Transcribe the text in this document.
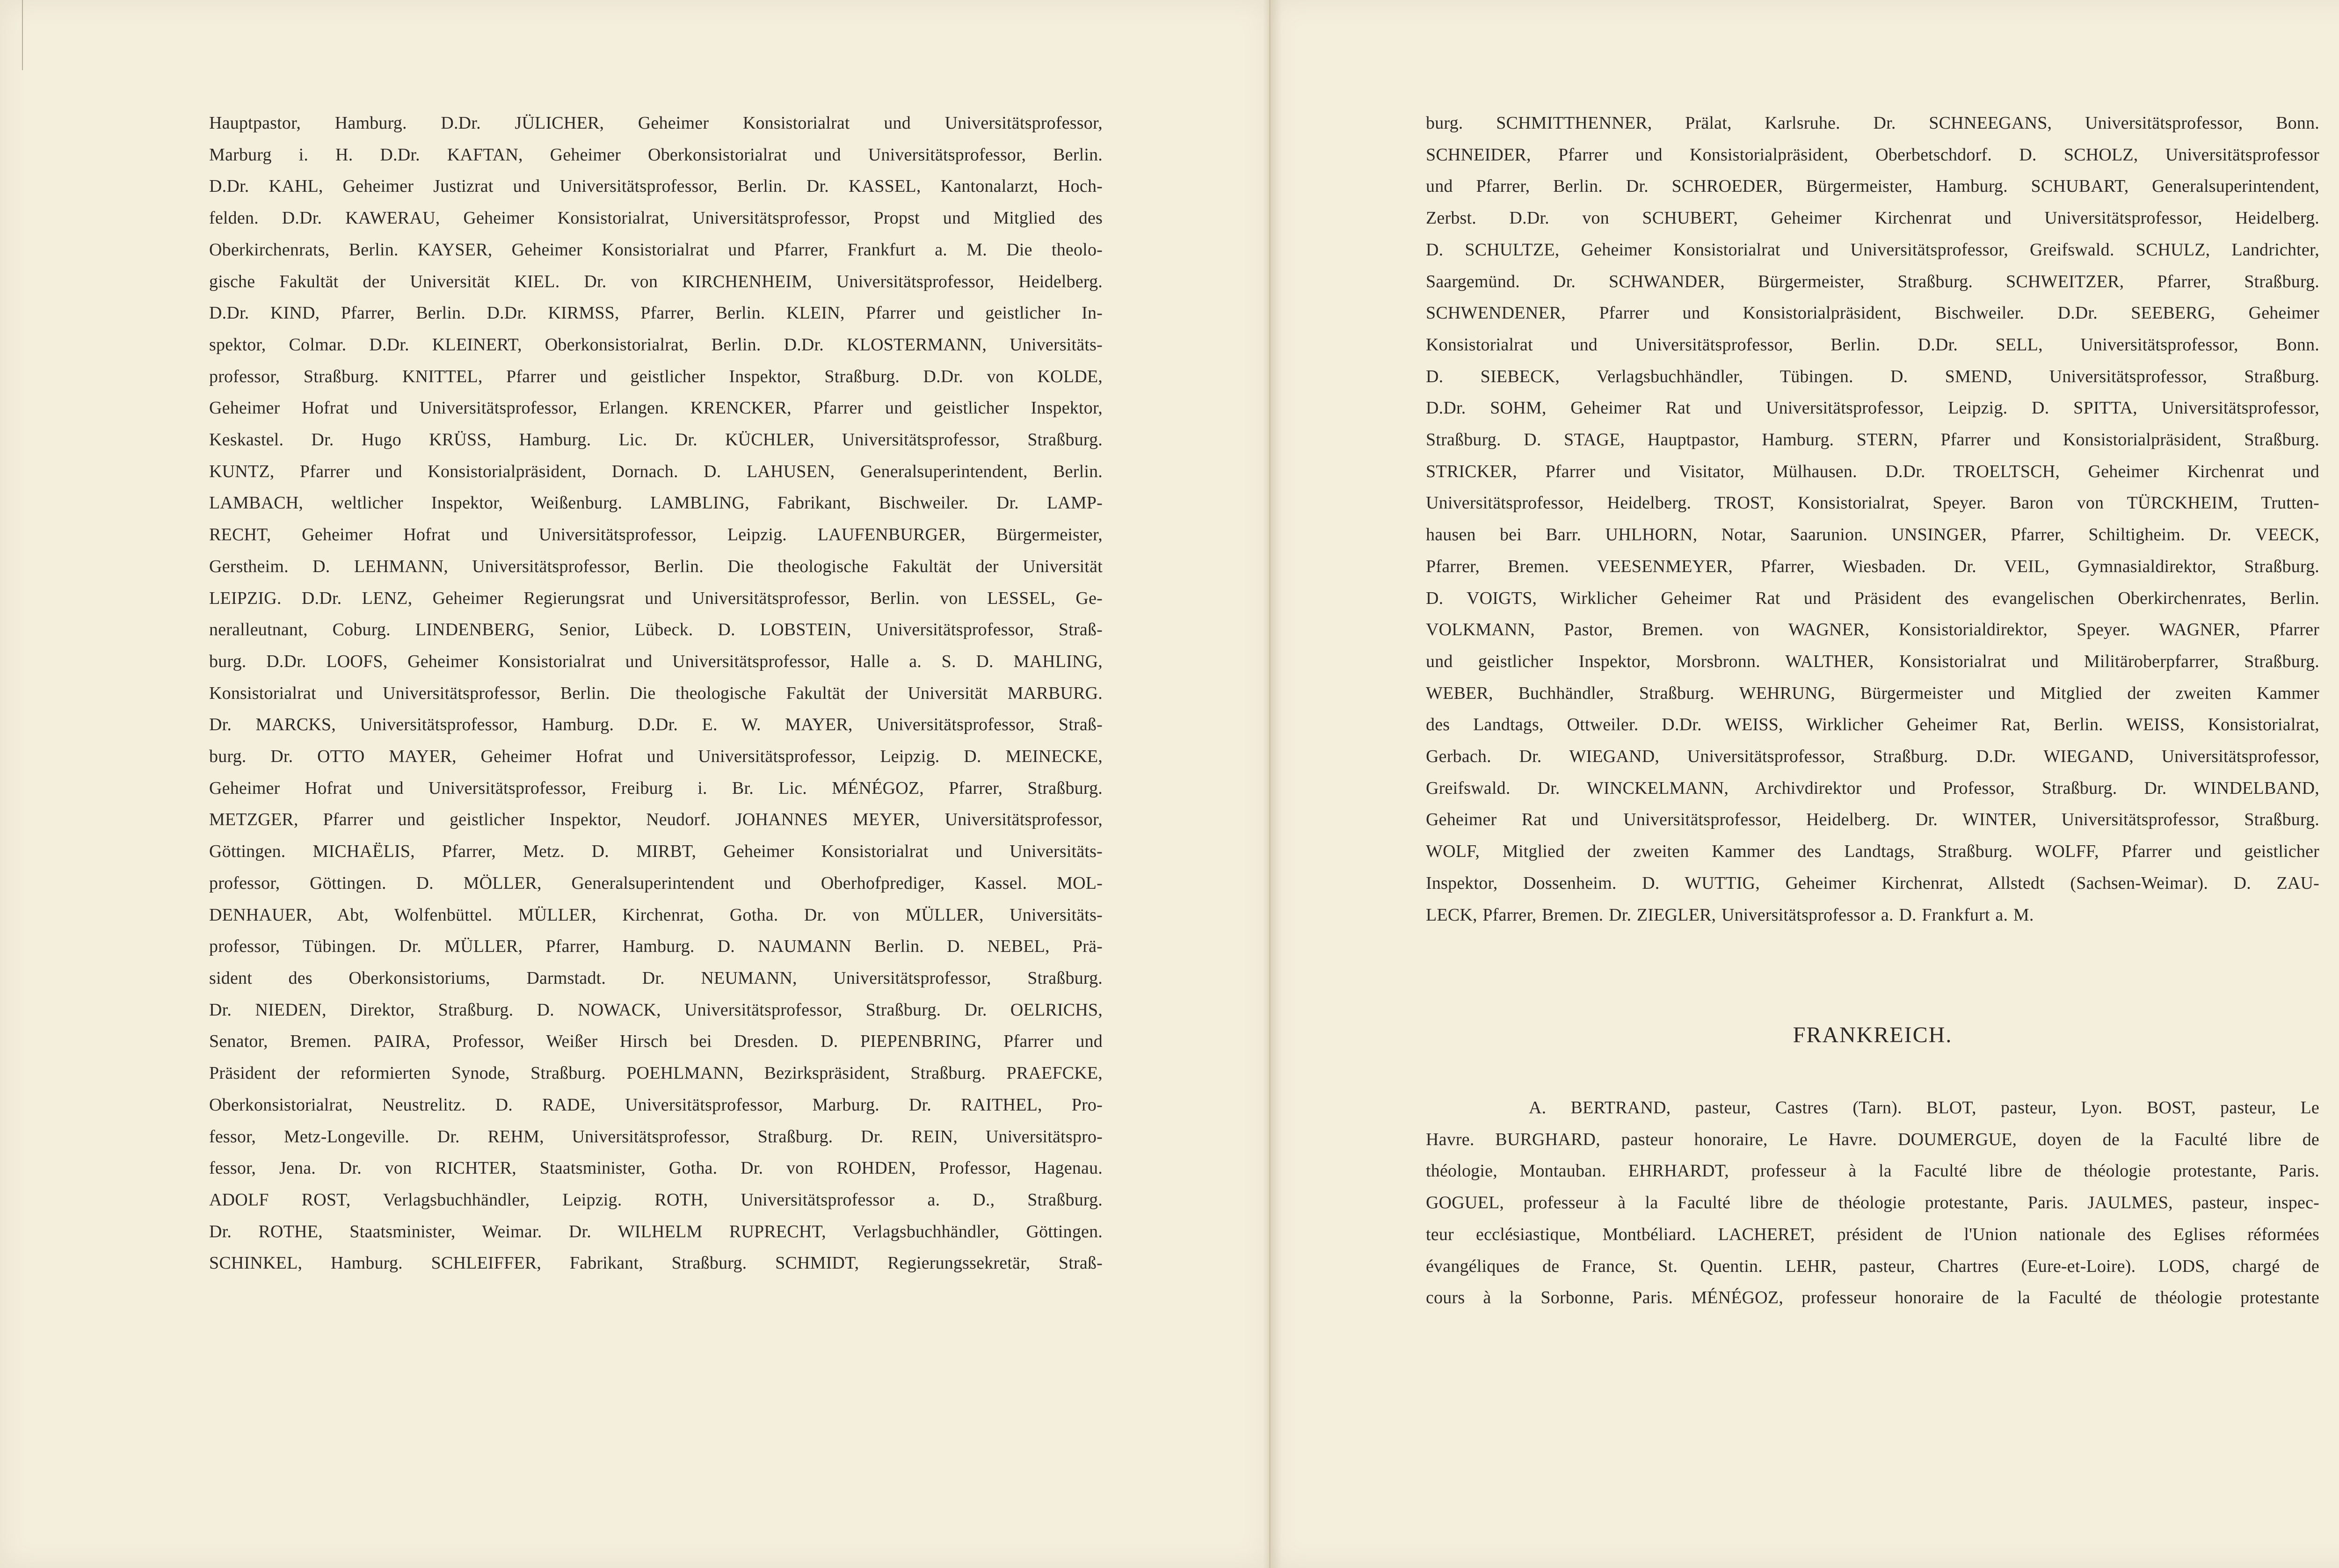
Hauptpastor, Hamburg. D.Dr. JÜLICHER, Geheimer Konsistorialrat und Universitätsprofessor,

Marburg i. H. D.Dr. KAFTAN, Geheimer Oberkonsistorialrat und Universitätsprofessor, Berlin.

D.Dr. KAHL, Geheimer Justizrat und Universitätsprofessor, Berlin. Dr. KASSEL, Kantonalarzt, Hoch-

felden. D.Dr. KAWERAU, Geheimer Konsistorialrat, Universitätsprofessor, Propst und Mitglied des

Oberkirchenrats, Berlin. KAYSER, Geheimer Konsistorialrat und Pfarrer, Frankfurt a. M. Die theolo-

gische Fakultät der Universität KIEL. Dr. von KIRCHENHEIM, Universitätsprofessor, Heidelberg.

D.Dr. KIND, Pfarrer, Berlin. D.Dr. KIRMSS, Pfarrer, Berlin. KLEIN, Pfarrer und geistlicher In-

spektor, Colmar. D.Dr. KLEINERT, Oberkonsistorialrat, Berlin. D.Dr. KLOSTERMANN, Universitäts-

professor, Straßburg. KNITTEL, Pfarrer und geistlicher Inspektor, Straßburg. D.Dr. von KOLDE,

Geheimer Hofrat und Universitätsprofessor, Erlangen. KRENCKER, Pfarrer und geistlicher Inspektor,

Keskastel. Dr. Hugo KRÜSS, Hamburg. Lic. Dr. KÜCHLER, Universitätsprofessor, Straßburg.

KUNTZ, Pfarrer und Konsistorialpräsident, Dornach. D. LAHUSEN, Generalsuperintendent, Berlin.

LAMBACH, weltlicher Inspektor, Weißenburg. LAMBLING, Fabrikant, Bischweiler. Dr. LAMP-

RECHT, Geheimer Hofrat und Universitätsprofessor, Leipzig. LAUFENBURGER, Bürgermeister,

Gerstheim. D. LEHMANN, Universitätsprofessor, Berlin. Die theologische Fakultät der Universität

LEIPZIG. D.Dr. LENZ, Geheimer Regierungsrat und Universitätsprofessor, Berlin. von LESSEL, Ge-

neralleutnant, Coburg. LINDENBERG, Senior, Lübeck. D. LOBSTEIN, Universitätsprofessor, Straß-

burg. D.Dr. LOOFS, Geheimer Konsistorialrat und Universitätsprofessor, Halle a. S. D. MAHLING,

Konsistorialrat und Universitätsprofessor, Berlin. Die theologische Fakultät der Universität MARBURG.

Dr. MARCKS, Universitätsprofessor, Hamburg. D.Dr. E. W. MAYER, Universitätsprofessor, Straß-

burg. Dr. OTTO MAYER, Geheimer Hofrat und Universitätsprofessor, Leipzig. D. MEINECKE,

Geheimer Hofrat und Universitätsprofessor, Freiburg i. Br. Lic. MÉNÉGOZ, Pfarrer, Straßburg.

METZGER, Pfarrer und geistlicher Inspektor, Neudorf. JOHANNES MEYER, Universitätsprofessor,

Göttingen. MICHAËLIS, Pfarrer, Metz. D. MIRBT, Geheimer Konsistorialrat und Universitäts-

professor, Göttingen. D. MÖLLER, Generalsuperintendent und Oberhofprediger, Kassel. MOL-

DENHAUER, Abt, Wolfenbüttel. MÜLLER, Kirchenrat, Gotha. Dr. von MÜLLER, Universitäts-

professor, Tübingen. Dr. MÜLLER, Pfarrer, Hamburg. D. NAUMANN Berlin. D. NEBEL, Prä-

sident des Oberkonsistoriums, Darmstadt. Dr. NEUMANN, Universitätsprofessor, Straßburg.

Dr. NIEDEN, Direktor, Straßburg. D. NOWACK, Universitätsprofessor, Straßburg. Dr. OELRICHS,

Senator, Bremen. PAIRA, Professor, Weißer Hirsch bei Dresden. D. PIEPENBRING, Pfarrer und

Präsident der reformierten Synode, Straßburg. POEHLMANN, Bezirkspräsident, Straßburg. PRAEFCKE,

Oberkonsistorialrat, Neustrelitz. D. RADE, Universitätsprofessor, Marburg. Dr. RAITHEL, Pro-

fessor, Metz-Longeville. Dr. REHM, Universitätsprofessor, Straßburg. Dr. REIN, Universitätspro-

fessor, Jena. Dr. von RICHTER, Staatsminister, Gotha. Dr. von ROHDEN, Professor, Hagenau.

ADOLF ROST, Verlagsbuchhändler, Leipzig. ROTH, Universitätsprofessor a. D., Straßburg.

Dr. ROTHE, Staatsminister, Weimar. Dr. WILHELM RUPRECHT, Verlagsbuchhändler, Göttingen.

SCHINKEL, Hamburg. SCHLEIFFER, Fabrikant, Straßburg. SCHMIDT, Regierungssekretär, Straß-

burg. SCHMITTHENNER, Prälat, Karlsruhe. Dr. SCHNEEGANS, Universitätsprofessor, Bonn.

SCHNEIDER, Pfarrer und Konsistorialpräsident, Oberbetschdorf. D. SCHOLZ, Universitätsprofessor

und Pfarrer, Berlin. Dr. SCHROEDER, Bürgermeister, Hamburg. SCHUBART, Generalsuperintendent,

Zerbst. D.Dr. von SCHUBERT, Geheimer Kirchenrat und Universitätsprofessor, Heidelberg.

D. SCHULTZE, Geheimer Konsistorialrat und Universitätsprofessor, Greifswald. SCHULZ, Landrichter,

Saargemünd. Dr. SCHWANDER, Bürgermeister, Straßburg. SCHWEITZER, Pfarrer, Straßburg.

SCHWENDENER, Pfarrer und Konsistorialpräsident, Bischweiler. D.Dr. SEEBERG, Geheimer

Konsistorialrat und Universitätsprofessor, Berlin. D.Dr. SELL, Universitätsprofessor, Bonn.

D. SIEBECK, Verlagsbuchhändler, Tübingen. D. SMEND, Universitätsprofessor, Straßburg.

D.Dr. SOHM, Geheimer Rat und Universitätsprofessor, Leipzig. D. SPITTA, Universitätsprofessor,

Straßburg. D. STAGE, Hauptpastor, Hamburg. STERN, Pfarrer und Konsistorialpräsident, Straßburg.

STRICKER, Pfarrer und Visitator, Mülhausen. D.Dr. TROELTSCH, Geheimer Kirchenrat und

Universitätsprofessor, Heidelberg. TROST, Konsistorialrat, Speyer. Baron von TÜRCKHEIM, Trutten-

hausen bei Barr. UHLHORN, Notar, Saarunion. UNSINGER, Pfarrer, Schiltigheim. Dr. VEECK,

Pfarrer, Bremen. VEESENMEYER, Pfarrer, Wiesbaden. Dr. VEIL, Gymnasialdirektor, Straßburg.

D. VOIGTS, Wirklicher Geheimer Rat und Präsident des evangelischen Oberkirchenrates, Berlin.

VOLKMANN, Pastor, Bremen. von WAGNER, Konsistorialdirektor, Speyer. WAGNER, Pfarrer

und geistlicher Inspektor, Morsbronn. WALTHER, Konsistorialrat und Militäroberpfarrer, Straßburg.

WEBER, Buchhändler, Straßburg. WEHRUNG, Bürgermeister und Mitglied der zweiten Kammer

des Landtags, Ottweiler. D.Dr. WEISS, Wirklicher Geheimer Rat, Berlin. WEISS, Konsistorialrat,

Gerbach. Dr. WIEGAND, Universitätsprofessor, Straßburg. D.Dr. WIEGAND, Universitätsprofessor,

Greifswald. Dr. WINCKELMANN, Archivdirektor und Professor, Straßburg. Dr. WINDELBAND,

Geheimer Rat und Universitätsprofessor, Heidelberg. Dr. WINTER, Universitätsprofessor, Straßburg.

WOLF, Mitglied der zweiten Kammer des Landtags, Straßburg. WOLFF, Pfarrer und geistlicher

Inspektor, Dossenheim. D. WUTTIG, Geheimer Kirchenrat, Allstedt (Sachsen-Weimar). D. ZAU-

LECK, Pfarrer, Bremen. Dr. ZIEGLER, Universitätsprofessor a. D. Frankfurt a. M.

FRANKREICH.

A. BERTRAND, pasteur, Castres (Tarn). BLOT, pasteur, Lyon. BOST, pasteur, Le

Havre. BURGHARD, pasteur honoraire, Le Havre. DOUMERGUE, doyen de la Faculté libre de

théologie, Montauban. EHRHARDT, professeur à la Faculté libre de théologie protestante, Paris.

GOGUEL, professeur à la Faculté libre de théologie protestante, Paris. JAULMES, pasteur, inspec-

teur ecclésiastique, Montbéliard. LACHERET, président de l'Union nationale des Eglises réformées

évangéliques de France, St. Quentin. LEHR, pasteur, Chartres (Eure-et-Loire). LODS, chargé de

cours à la Sorbonne, Paris. MÉNÉGOZ, professeur honoraire de la Faculté de théologie protestante
